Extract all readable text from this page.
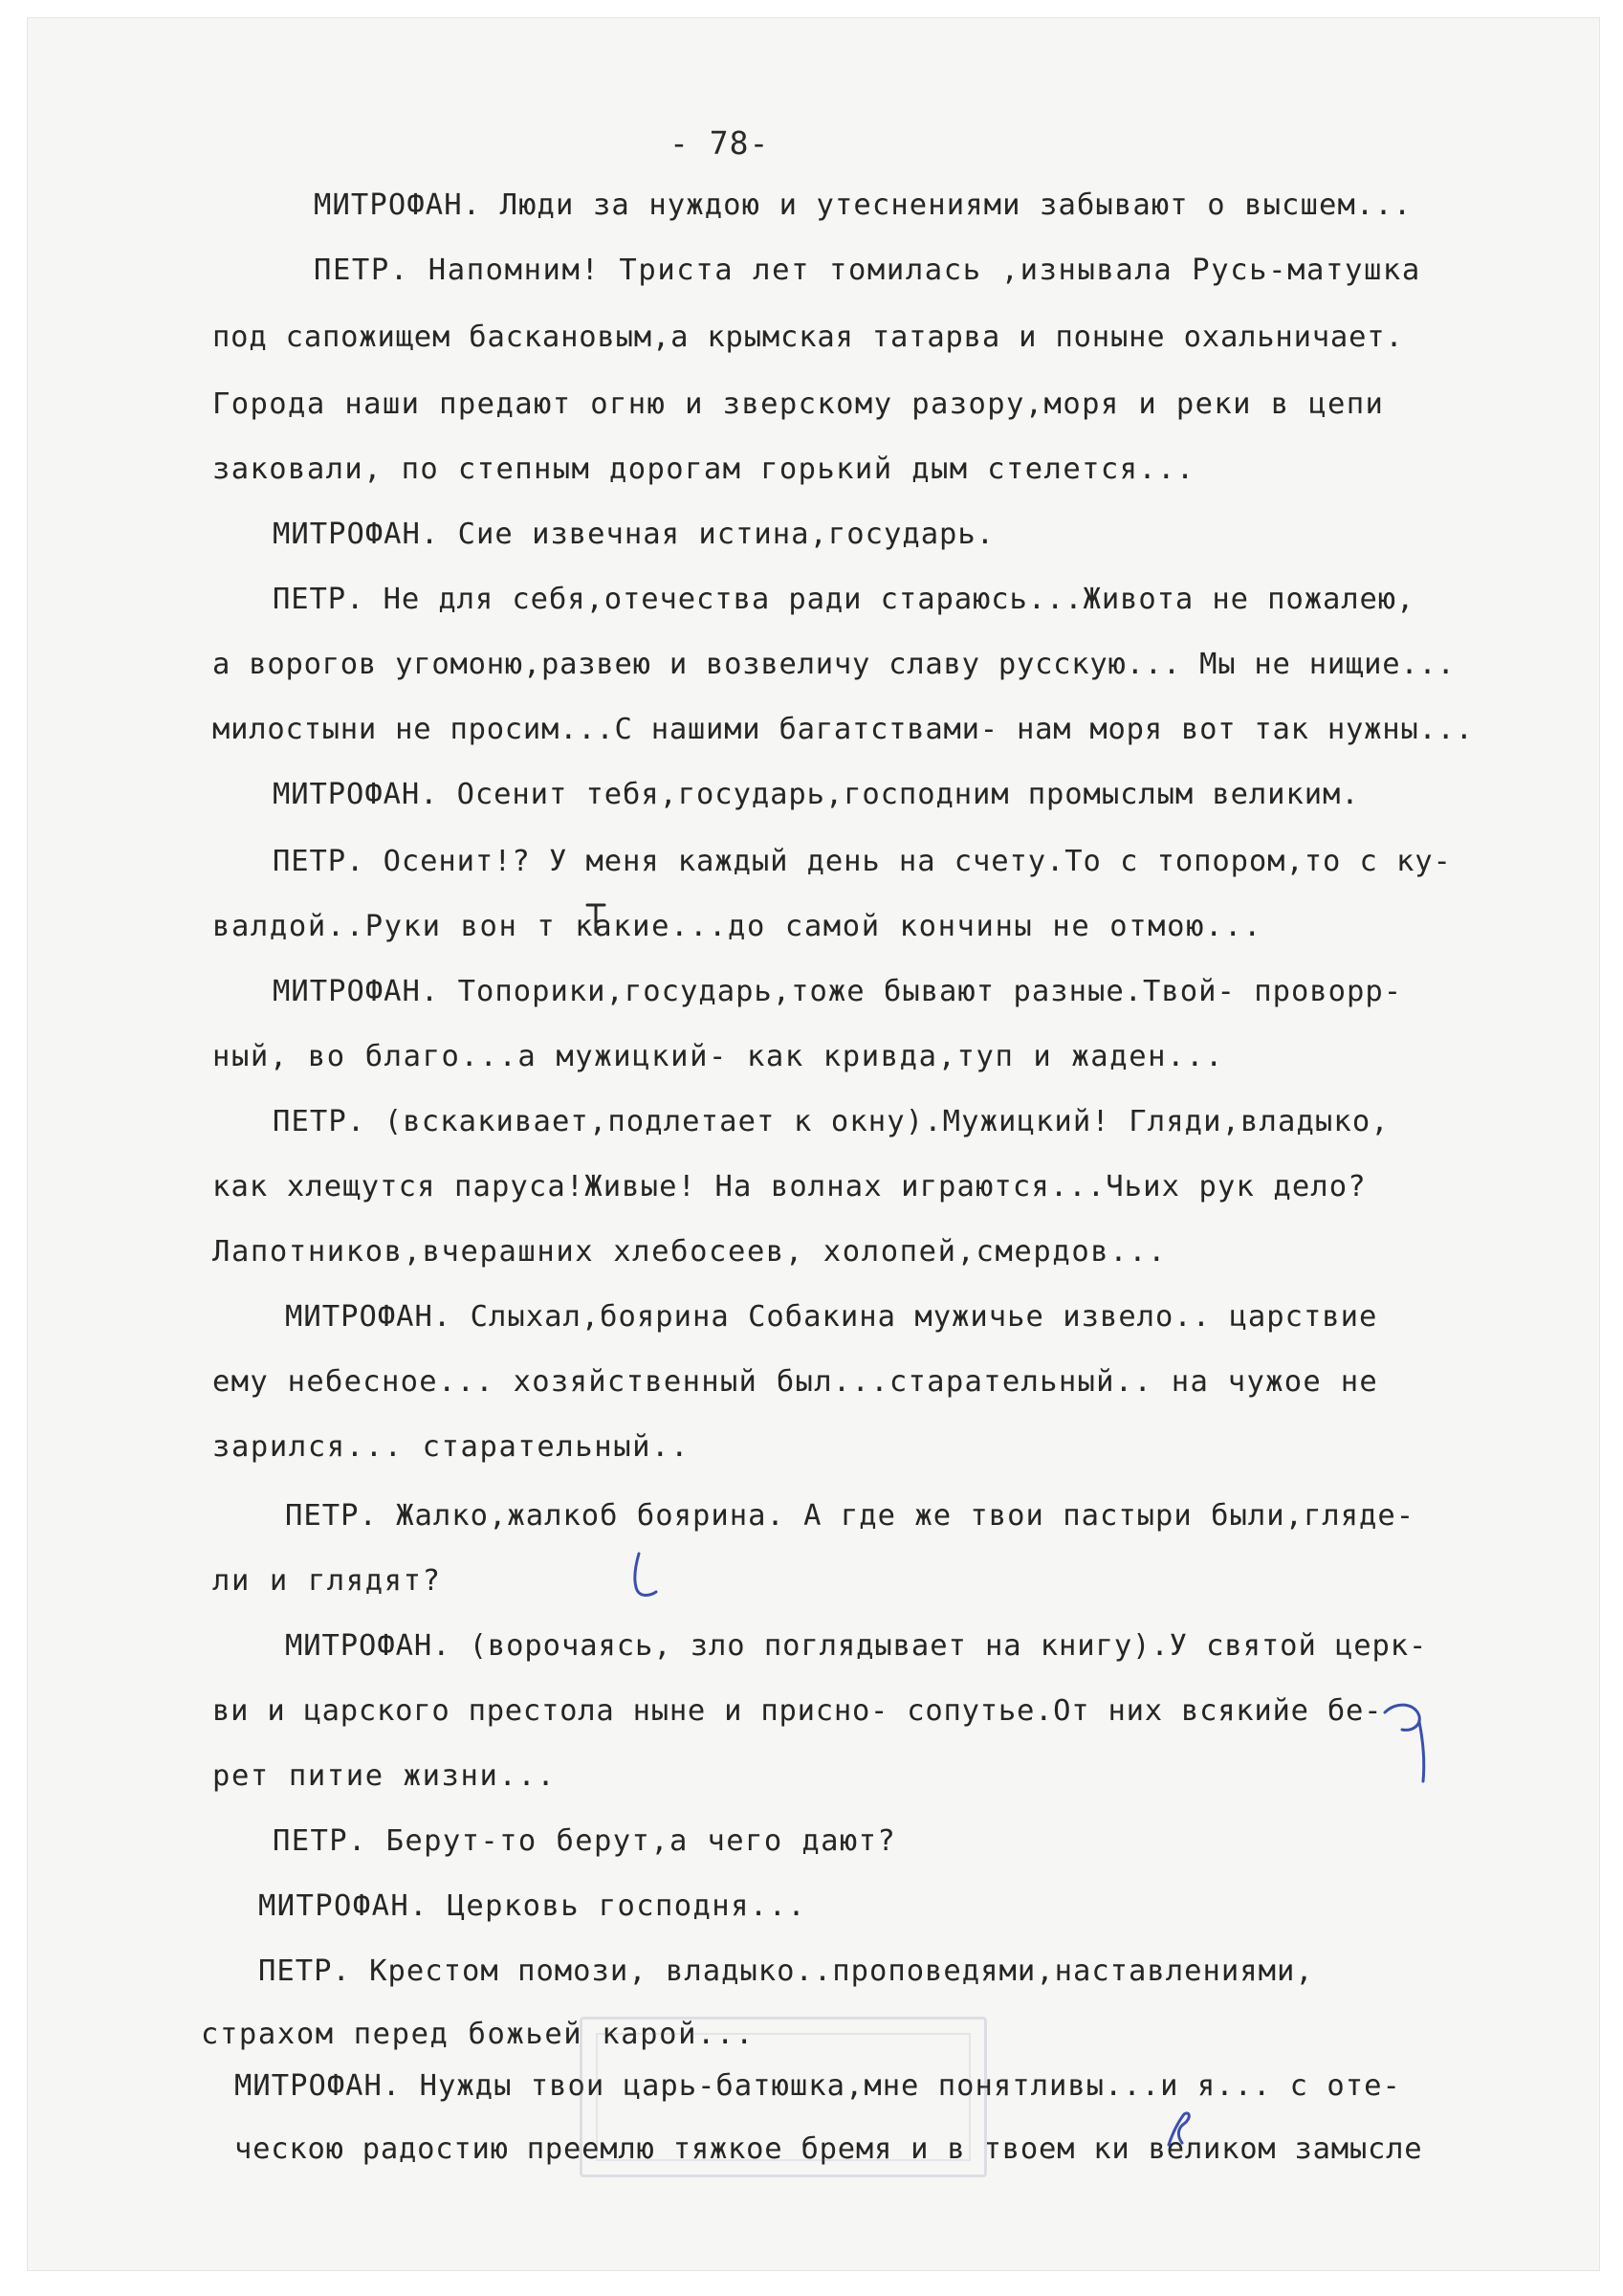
- 78-
МИТРОФАН. Люди за нуждою и утеснениями забывают о высшем...
ПЕТР. Напомним! Триста лет томилась ,изнывала Русь-матушка
под сапожищем баскановым,а крымская татарва и поныне охальничает.
Города наши предают огню и зверскому разору,моря и реки в цепи
заковали, по степным дорогам горький дым стелется...
МИТРОФАН. Сие извечная истина,государь.
ПЕТР. Не для себя,отечества ради стараюсь...Живота не пожалею,
а ворогов угомоню,развею и возвеличу славу русскую... Мы не нищие...
милостыни не просим...С нашими багатствами- нам моря вот так нужны...
МИТРОФАН. Осенит тебя,государь,господним промыслым великим.
ПЕТР. Осенит!? У меня каждый день на счету.То с топором,то с ку-
валдой..Руки вон т какие...до самой кончины не отмою...
МИТРОФАН. Топорики,государь,тоже бывают разные.Твой- проворр-
ный, во благо...а мужицкий- как кривда,туп и жаден...
ПЕТР. (вскакивает,подлетает к окну).Мужицкий! Гляди,владыко,
как хлещутся паруса!Живые! На волнах играются...Чьих рук дело?
Лапотников,вчерашних хлебосеев, холопей,смердов...
МИТРОФАН. Слыхал,боярина Собакина мужичье извело.. царствие
ему небесное... хозяйственный был...старательный.. на чужое не
зарился... старательный..
ПЕТР. Жалко,жалкоб боярина. А где же твои пастыри были,гляде-
ли и глядят?
МИТРОФАН. (ворочаясь, зло поглядывает на книгу).У святой церк-
ви и царского престола ныне и присно- сопутье.От них всякийе бе-
рет питие жизни...
ПЕТР. Берут-то берут,а чего дают?
МИТРОФАН. Церковь господня...
ПЕТР. Крестом помози, владыко..проповедями,наставлениями,
страхом перед божьей карой...
МИТРОФАН. Нужды твои царь-батюшка,мне понятливы...и я... с оте-
ческою радостию преемлю тяжкое бремя и в твоем ки великом замысле
